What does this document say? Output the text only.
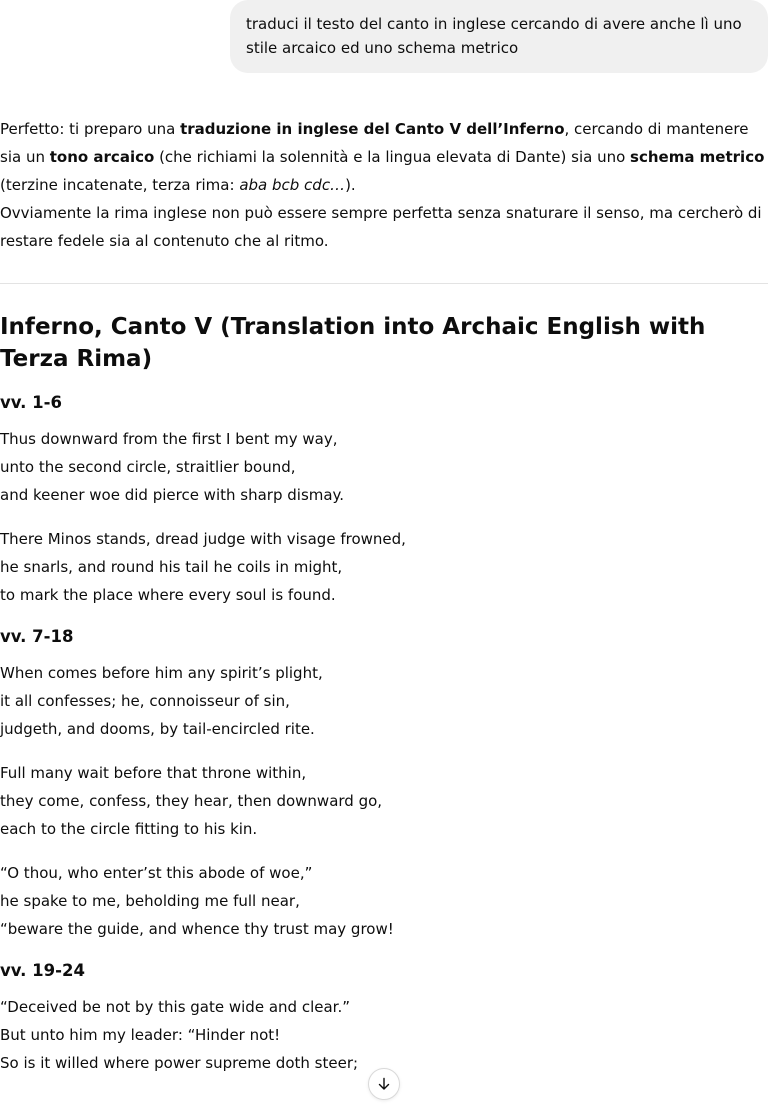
traduci il testo del canto in inglese cercando di avere anche lì uno stile arcaico ed uno schema metrico

Perfetto: ti preparo una traduzione in inglese del Canto V dell’Inferno, cercando di mantenere sia un tono arcaico (che richiami la solennità e la lingua elevata di Dante) sia uno schema metrico (terzine incatenate, terza rima: aba bcb cdc…).
Ovviamente la rima inglese non può essere sempre perfetta senza snaturare il senso, ma cercherò di restare fedele sia al contenuto che al ritmo.

Inferno, Canto V (Translation into Archaic English with Terza Rima)
vv. 1-6
Thus downward from the first I bent my way,
unto the second circle, straitlier bound,
and keener woe did pierce with sharp dismay.
There Minos stands, dread judge with visage frowned,
he snarls, and round his tail he coils in might,
to mark the place where every soul is found.
vv. 7-18
When comes before him any spirit’s plight,
it all confesses; he, connoisseur of sin,
judgeth, and dooms, by tail-encircled rite.
Full many wait before that throne within,
they come, confess, they hear, then downward go,
each to the circle fitting to his kin.
“O thou, who enter’st this abode of woe,”
he spake to me, beholding me full near,
“beware the guide, and whence thy trust may grow!
vv. 19-24
“Deceived be not by this gate wide and clear.”
But unto him my leader: “Hinder not!
So is it willed where power supreme doth steer;
